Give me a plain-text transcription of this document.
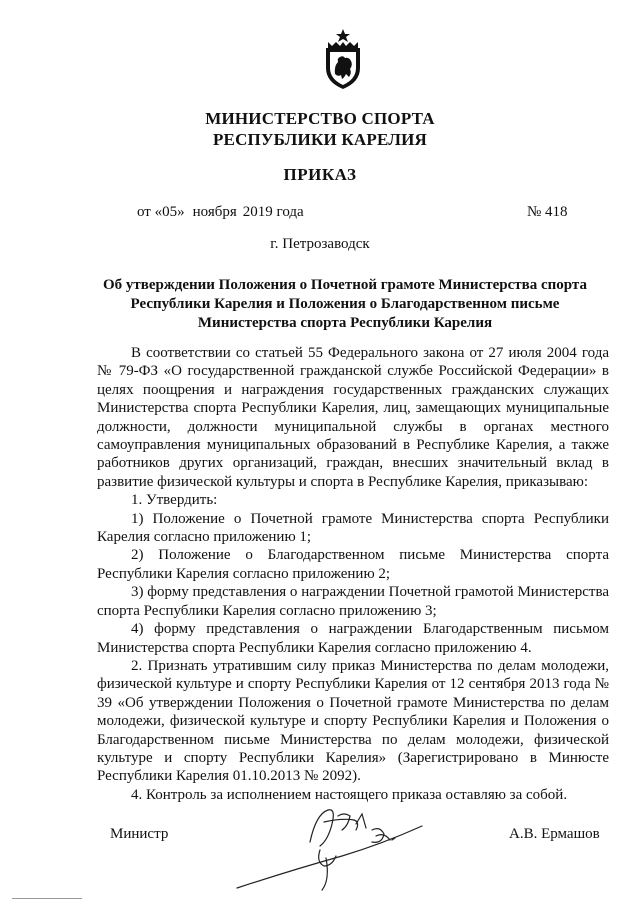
МИНИСТЕРСТВО СПОРТА
РЕСПУБЛИКИ КАРЕЛИЯ
ПРИКАЗ
от «05» ноября 2019 года	№ 418
г. Петрозаводск
Об утверждении Положения о Почетной грамоте Министерства спорта Республики Карелия и Положения о Благодарственном письме Министерства спорта Республики Карелия

В соответствии со статьей 55 Федерального закона от 27 июля 2004 года № 79-ФЗ «О государственной гражданской службе Российской Федерации» в целях поощрения и награждения государственных гражданских служащих Министерства спорта Республики Карелия, лиц, замещающих муниципальные должности, должности муниципальной службы в органах местного самоуправления муниципальных образований в Республике Карелия, а также работников других организаций, граждан, внесших значительный вклад в развитие физической культуры и спорта в Республике Карелия, приказываю:

1. Утвердить:

1) Положение о Почетной грамоте Министерства спорта Республики Карелия согласно приложению 1;

2) Положение о Благодарственном письме Министерства спорта Республики Карелия согласно приложению 2;

3) форму представления о награждении Почетной грамотой Министерства спорта Республики Карелия согласно приложению 3;

4) форму представления о награждении Благодарственным письмом Министерства спорта Республики Карелия согласно приложению 4.

2. Признать утратившим силу приказ Министерства по делам молодежи, физической культуре и спорту Республики Карелия от 12 сентября 2013 года № 39 «Об утверждении Положения о Почетной грамоте Министерства по делам молодежи, физической культуре и спорту Республики Карелия и Положения о Благодарственном письме Министерства по делам молодежи, физической культуре и спорту Республики Карелия» (Зарегистрировано в Минюсте Республики Карелия 01.10.2013 № 2092).

4. Контроль за исполнением настоящего приказа оставляю за собой.

Министр	А.В. Ермашов
